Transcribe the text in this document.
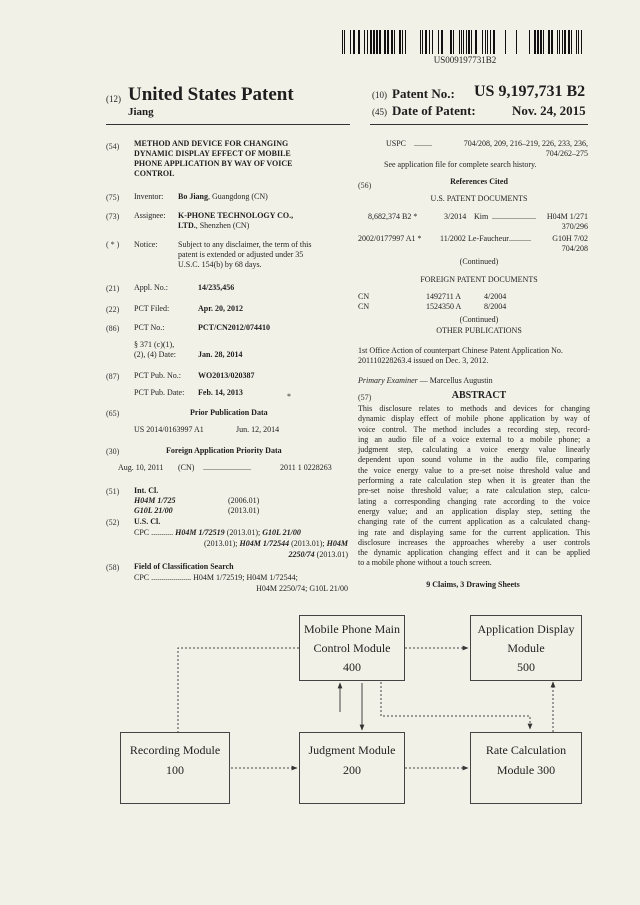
US009197731B2
(12) United States Patent
Jiang
(10) Patent No.: US 9,197,731 B2
(45) Date of Patent:	Nov. 24, 2015
(54) METHOD AND DEVICE FOR CHANGING
DYNAMIC DISPLAY EFFECT OF MOBILE
PHONE APPLICATION BY WAY OF VOICE
CONTROL
(75) Inventor: Bo Jiang, Guangdong (CN)
(73) Assignee: K-PHONE TECHNOLOGY CO.,
LTD., Shenzhen (CN)
( * ) Notice:	Subject to any disclaimer, the term of this
patent is extended or adjusted under 35
U.S.C. 154(b) by 68 days.
(21) Appl. No.:	14/235,456
(22) PCT Filed:	Apr. 20, 2012
(86) PCT No.:	PCT/CN2012/074410
§ 371 (c)(1),
(2), (4) Date:	Jan. 28, 2014
(87) PCT Pub. No.: WO2013/020387
PCT Pub. Date: Feb. 14, 2013	*
(65)	Prior Publication Data
US 2014/0163997 A1	Jun. 12, 2014
(30)	Foreign Application Priority Data
Aug. 10, 2011 (CN) ........................	2011 1 0228263
(51) Int. Cl.
H04M 1/725	(2006.01)
G10L 21/00	(2013.01)
(52) U.S. Cl.
CPC ........... H04M 1/72519 (2013.01); G10L 21/00
(2013.01); H04M 1/72544 (2013.01); H04M
2250/74 (2013.01)
(58) Field of Classification Search
CPC .................... H04M 1/72519; H04M 1/72544;
H04M 2250/74; G10L 21/00
USPC .........	704/208, 209, 216–219, 226, 233, 236,
704/262–275
See application file for complete search history.
(56)	References Cited
U.S. PATENT DOCUMENTS
8,682,374 B2 *	3/2014 Kim ......................	H04M 1/271
370/296
2002/0177997 A1 * 11/2002 Le-Faucheur ...........	G10H 7/02
704/208
(Continued)
FOREIGN PATENT DOCUMENTS
CN	1492711 A	4/2004
CN	1524350 A	8/2004
(Continued)
OTHER PUBLICATIONS
1st Office Action of counterpart Chinese Patent Application No.
201110228263.4 issued on Dec. 3, 2012.
Primary Examiner — Marcellus Augustin
(57)	ABSTRACT
This disclosure relates to methods and devices for changing
dynamic display effect of mobile phone application by way of
voice control. The method includes a recording step, record-
ing an audio file of a voice external to a mobile phone; a
judgment step, calculating a voice energy value linearly
dependent upon sound volume in the audio file, comparing
the voice energy value to a pre-set noise threshold value and
performing a rate calculation step when it is greater than the
pre-set noise threshold value; a rate calculation step, calcu-
lating a corresponding changing rate according to the voice
energy value; and an application display step, setting the
changing rate of the current application as a calculated chang-
ing rate and displaying same for the current application. This
disclosure increases the approaches whereby a user controls
the dynamic application changing effect and it can be applied
to a mobile phone without a touch screen.
9 Claims, 3 Drawing Sheets
Mobile Phone Main
Control Module
400
Application Display
Module
500
Recording Module
100
Judgment Module
200
Rate Calculation
Module 300
